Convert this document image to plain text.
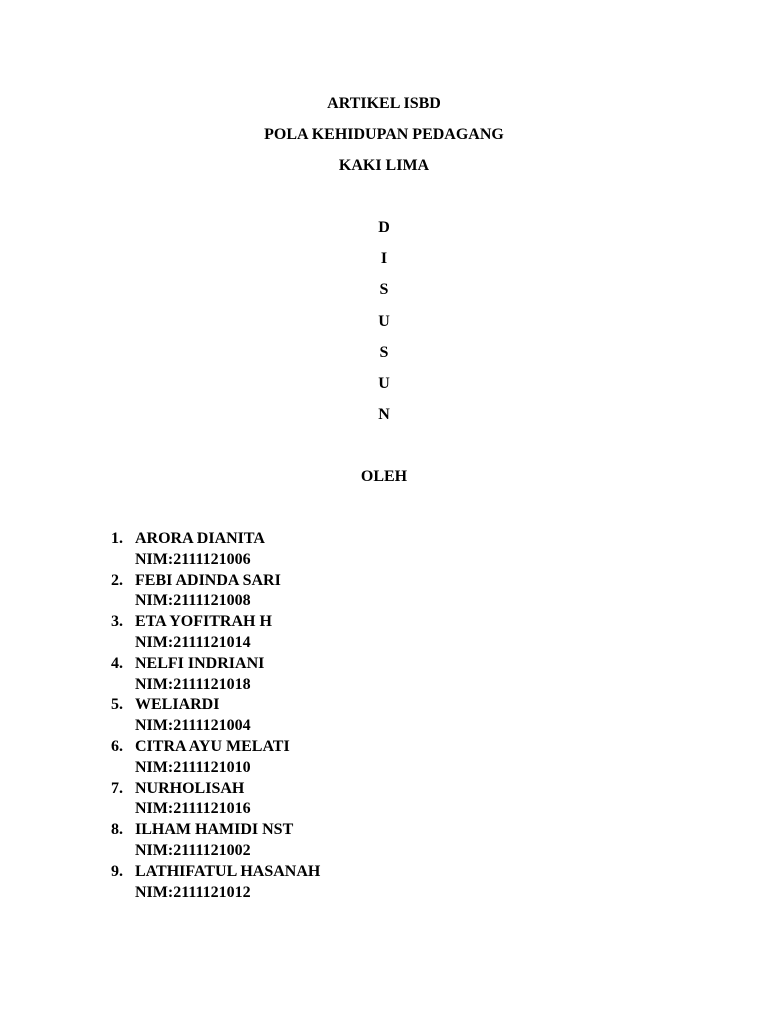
ARTIKEL ISBD
POLA KEHIDUPAN PEDAGANG
KAKI LIMA
D
I
S
U
S
U
N
OLEH
1. ARORA DIANITA
NIM:2111121006
2. FEBI ADINDA SARI
NIM:2111121008
3. ETA YOFITRAH H
NIM:2111121014
4. NELFI INDRIANI
NIM:2111121018
5. WELIARDI
NIM:2111121004
6. CITRA AYU MELATI
NIM:2111121010
7. NURHOLISAH
NIM:2111121016
8. ILHAM HAMIDI NST
NIM:2111121002
9. LATHIFATUL HASANAH
NIM:2111121012
